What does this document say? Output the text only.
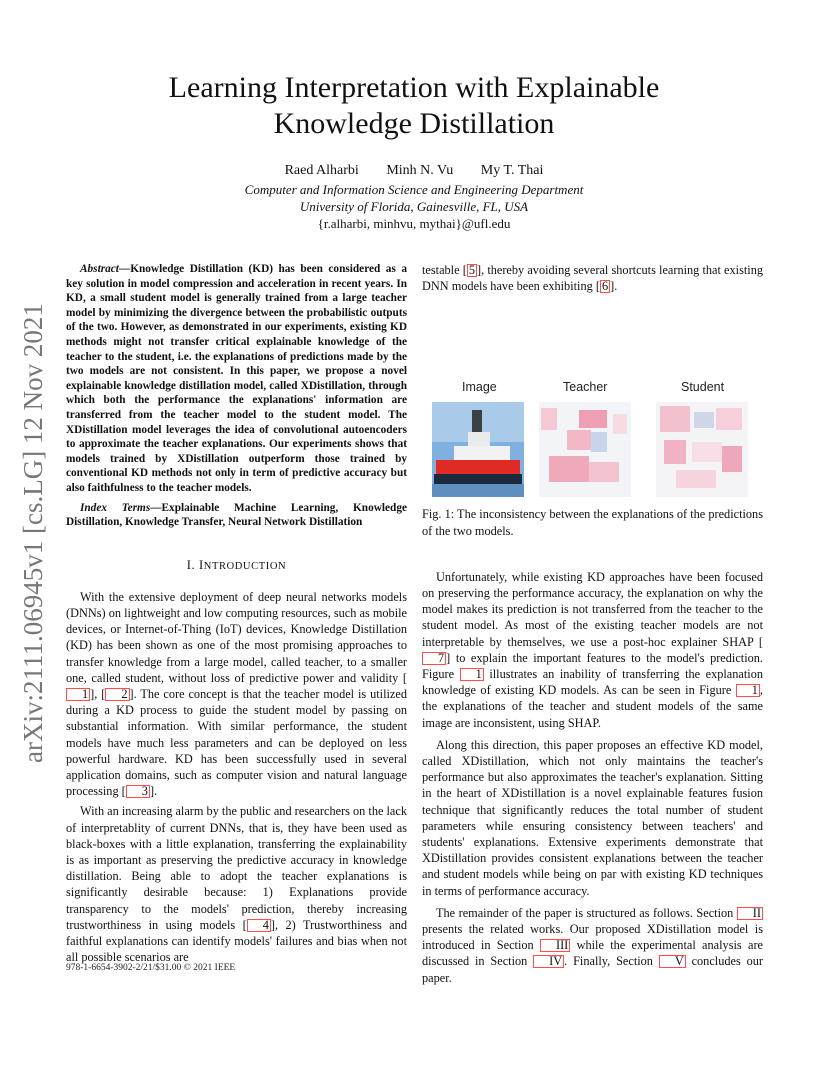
arXiv:2111.06945v1 [cs.LG] 12 Nov 2021
Learning Interpretation with Explainable
Knowledge Distillation
Raed Alharbi Minh N. Vu My T. Thai
Computer and Information Science and Engineering Department
University of Florida, Gainesville, FL, USA
{r.alharbi, minhvu, mythai}@ufl.edu

Abstract—Knowledge Distillation (KD) has been considered as a key solution in model compression and acceleration in recent years. In KD, a small student model is generally trained from a large teacher model by minimizing the divergence between the probabilistic outputs of the two. However, as demonstrated in our experiments, existing KD methods might not transfer critical explainable knowledge of the teacher to the student, i.e. the explanations of predictions made by the two models are not consistent. In this paper, we propose a novel explainable knowledge distillation model, called XDistillation, through which both the performance the explanations' information are transferred from the teacher model to the student model. The XDistillation model leverages the idea of convolutional autoencoders to approximate the teacher explanations. Our experiments shows that models trained by XDistillation outperform those trained by conventional KD methods not only in term of predictive accuracy but also faithfulness to the teacher models.

Index Terms—Explainable Machine Learning, Knowledge Distillation, Knowledge Transfer, Neural Network Distillation

I. INTRODUCTION

With the extensive deployment of deep neural networks models (DNNs) on lightweight and low computing resources, such as mobile devices, or Internet-of-Thing (IoT) devices, Knowledge Distillation (KD) has been shown as one of the most promising approaches to transfer knowledge from a large model, called teacher, to a smaller one, called student, without loss of predictive power and validity [1 ], [ 2 ]. The core concept is that the teacher model is utilized during a KD process to guide the student model by passing on substantial information. With similar performance, the student models have much less parameters and can be deployed on less powerful hardware. KD has been successfully used in several application domains, such as computer vision and natural language processing [ 3 ].

With an increasing alarm by the public and researchers on the lack of interpretablity of current DNNs, that is, they have been used as black-boxes with a little explanation, transferring the explainability is as important as preserving the predictive accuracy in knowledge distillation. Being able to adopt the teacher explanations is significantly desirable because: 1) Explanations provide transparency to the models' prediction, thereby increasing trustworthiness in using models [ 4 ], 2) Trustworthiness and faithful explanations can identify models' failures and bias when not all possible scenarios are

testable [ 5 ], thereby avoiding several shortcuts learning that existing DNN models have been exhibiting [ 6 ].

Image	Teacher	Student

Fig. 1: The inconsistency between the explanations of the predictions of the two models.

Unfortunately, while existing KD approaches have been focused on preserving the performance accuracy, the explanation on why the model makes its prediction is not transferred from the teacher to the student model. As most of the existing teacher models are not interpretable by themselves, we use a post-hoc explainer SHAP [7 ] to explain the important features to the model's prediction. Figure 1 illustrates an inability of transferring the explanation knowledge of existing KD models. As can be seen in Figure 1 , the explanations of the teacher and student models of the same image are inconsistent, using SHAP.

Along this direction, this paper proposes an effective KD model, called XDistillation, which not only maintains the teacher's performance but also approximates the teacher's explanation. Sitting in the heart of XDistillation is a novel explainable features fusion technique that significantly reduces the total number of student parameters while ensuring consistency between teachers' and students' explanations. Extensive experiments demonstrate that XDistillation provides consistent explanations between the teacher and student models while being on par with existing KD techniques in terms of performance accuracy.

The remainder of the paper is structured as follows. Section II presents the related works. Our proposed XDistillation model is introduced in Section III while the experimental analysis are discussed in Section IV . Finally, Section V concludes our paper.

978-1-6654-3902-2/21/$31.00 © 2021 IEEE
